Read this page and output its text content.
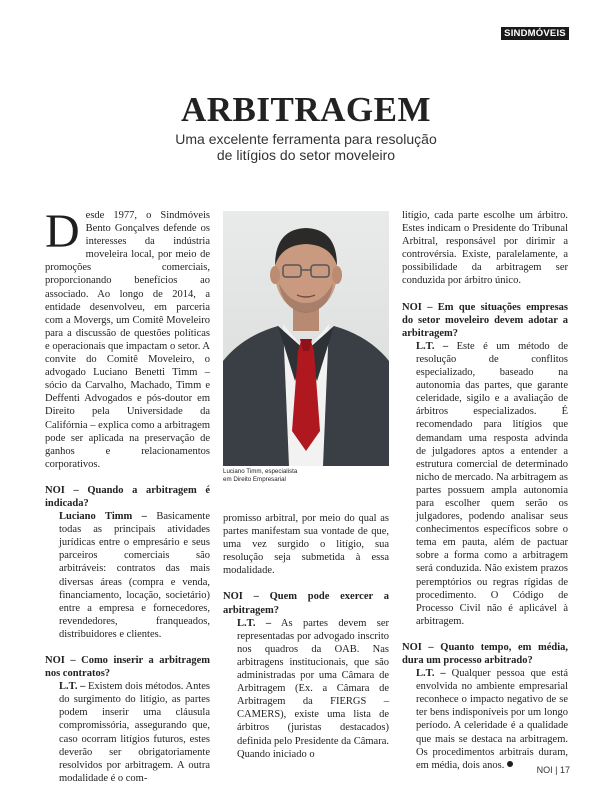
SINDMÓVEIS
ARBITRAGEM
Uma excelente ferramenta para resolução
de litígios do setor moveleiro

Desde 1977, o Sindmóveis Bento Gonçalves defende os interesses da indústria moveleira local, por meio de promoções comerciais, proporcionando benefícios ao associado. Ao longo de 2014, a entidade desenvolveu, em parceria com a Movergs, um Comitê Moveleiro para a discussão de questões políticas e operacionais que impactam o setor. A convite do Comitê Moveleiro, o advogado Luciano Benetti Timm – sócio da Carvalho, Machado, Timm e Deffenti Advogados e pós-doutor em Direito pela Universidade da Califórnia – explica como a arbitragem pode ser aplicada na preservação de ganhos e relacionamentos corporativos.

NOI – Quando a arbitragem é indicada?

Luciano Timm – Basicamente todas as principais atividades jurídicas entre o empresário e seus parceiros comerciais são arbitráveis: contratos das mais diversas áreas (compra e venda, financiamento, locação, societário) entre a empresa e fornecedores, revendedores, franqueados, distribuidores e clientes.

NOI – Como inserir a arbitragem nos contratos?

L.T. – Existem dois métodos. Antes do surgimento do litígio, as partes podem inserir uma cláusula compromissória, assegurando que, caso ocorram litígios futuros, estes deverão ser obrigatoriamente resolvidos por arbitragem. A outra modalidade é o com-

Luciano Timm, especialista
em Direito Empresarial

promisso arbitral, por meio do qual as partes manifestam sua vontade de que, uma vez surgido o litígio, sua resolução seja submetida à essa modalidade.

NOI – Quem pode exercer a arbitragem?

L.T. – As partes devem ser representadas por advogado inscrito nos quadros da OAB. Nas arbitragens institucionais, que são administradas por uma Câmara de Arbitragem (Ex. a Câmara de Arbitragem da FIERGS – CAMERS), existe uma lista de árbitros (juristas destacados) definida pelo Presidente da Câmara. Quando iniciado o

litígio, cada parte escolhe um árbitro. Estes indicam o Presidente do Tribunal Arbitral, responsável por dirimir a controvérsia. Existe, paralelamente, a possibilidade da arbitragem ser conduzida por árbitro único.

NOI – Em que situações empresas do setor moveleiro devem adotar a arbitragem?

L.T. – Este é um método de resolução de conflitos especializado, baseado na autonomia das partes, que garante celeridade, sigilo e a avaliação de árbitros especializados. É recomendado para litígios que demandam uma resposta advinda de julgadores aptos a entender a estrutura comercial de determinado nicho de mercado. Na arbitragem as partes possuem ampla autonomia para escolher quem serão os julgadores, podendo analisar seus conhecimentos específicos sobre o tema em pauta, além de pactuar sobre a forma como a arbitragem será conduzida. Não existem prazos peremptórios ou regras rígidas de procedimento. O Código de Processo Civil não é aplicável à arbitragem.

NOI – Quanto tempo, em média, dura um processo arbitrado?

L.T. – Qualquer pessoa que está envolvida no ambiente empresarial reconhece o impacto negativo de se ter bens indisponíveis por um longo período. A celeridade é a qualidade que mais se destaca na arbitragem. Os procedimentos arbitrais duram, em média, dois anos.	NOI | 17
